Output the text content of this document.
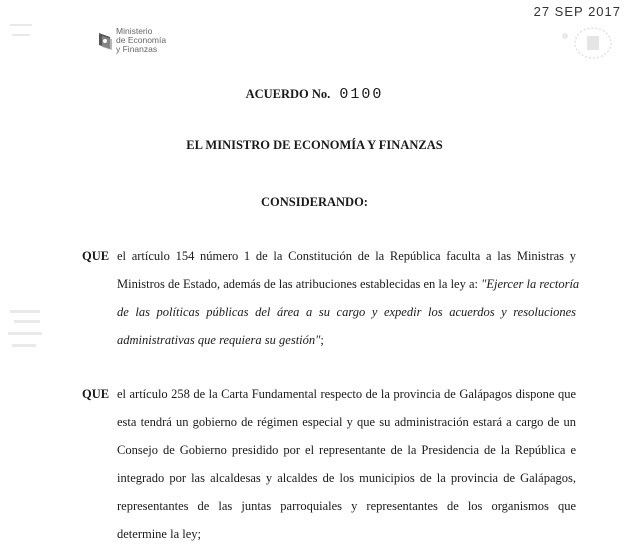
Ministerio
de Economía
y Finanzas
27 SEP 2017
ACUERDO No. 0100
EL MINISTRO DE ECONOMÍA Y FINANZAS
CONSIDERANDO:
QUE el artículo 154 número 1 de la Constitución de la República faculta a las Ministras y
Ministros de Estado, además de las atribuciones establecidas en la ley a: "Ejercer la rectoría
de las políticas públicas del área a su cargo y expedir los acuerdos y resoluciones
administrativas que requiera su gestión";
QUE el artículo 258 de la Carta Fundamental respecto de la provincia de Galápagos dispone que
esta tendrá un gobierno de régimen especial y que su administración estará a cargo de un
Consejo de Gobierno presidido por el representante de la Presidencia de la República e
integrado por las alcaldesas y alcaldes de los municipios de la provincia de Galápagos,
representantes de las juntas parroquiales y representantes de los organismos que
determine la ley;
